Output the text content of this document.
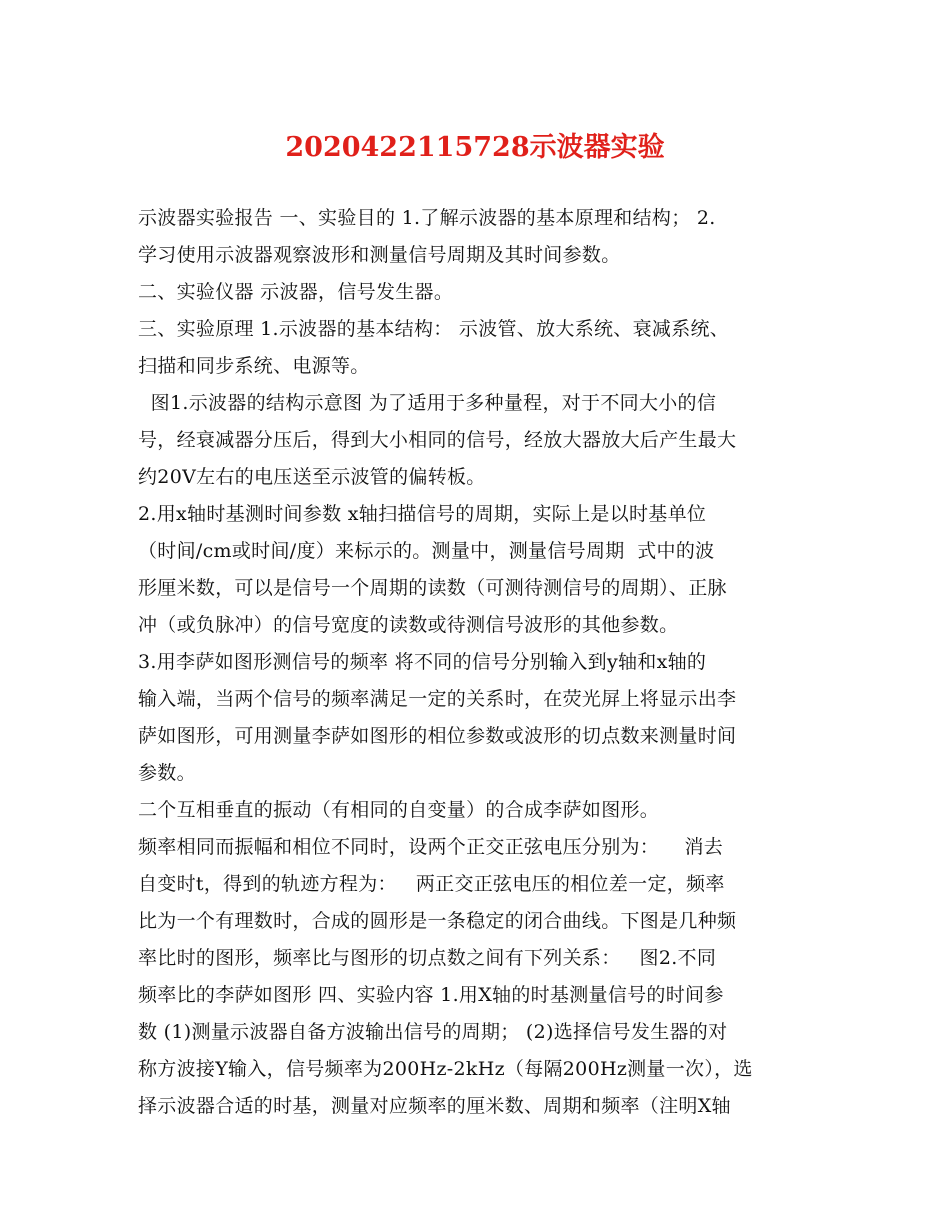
2020422115728示波器实验
示波器实验报告 一、实验目的 1.了解示波器的基本原理和结构； 2.
学习使用示波器观察波形和测量信号周期及其时间参数。
二、实验仪器 示波器，信号发生器。
三、实验原理 1.示波器的基本结构： 示波管、放大系统、衰减系统、
扫描和同步系统、电源等。
图1.示波器的结构示意图 为了适用于多种量程，对于不同大小的信
号，经衰减器分压后，得到大小相同的信号，经放大器放大后产生最大
约20V左右的电压送至示波管的偏转板。
2.用x轴时基测时间参数 x轴扫描信号的周期，实际上是以时基单位
（时间/cm或时间/度）来标示的。测量中，测量信号周期  式中的波
形厘米数，可以是信号一个周期的读数（可测待测信号的周期）、正脉
冲（或负脉冲）的信号宽度的读数或待测信号波形的其他参数。
3.用李萨如图形测信号的频率 将不同的信号分别输入到y轴和x轴的
输入端，当两个信号的频率满足一定的关系时，在荧光屏上将显示出李
萨如图形，可用测量李萨如图形的相位参数或波形的切点数来测量时间
参数。
二个互相垂直的振动（有相同的自变量）的合成李萨如图形。
频率相同而振幅和相位不同时，设两个正交正弦电压分别为：    消去
自变时t，得到的轨迹方程为：   两正交正弦电压的相位差一定，频率
比为一个有理数时，合成的圆形是一条稳定的闭合曲线。下图是几种频
率比时的图形，频率比与图形的切点数之间有下列关系：   图2.不同
频率比的李萨如图形 四、实验内容 1.用X轴的时基测量信号的时间参
数 (1)测量示波器自备方波输出信号的周期； (2)选择信号发生器的对
称方波接Y输入，信号频率为200Hz-2kHz（每隔200Hz测量一次），选
择示波器合适的时基，测量对应频率的厘米数、周期和频率（注明X轴
